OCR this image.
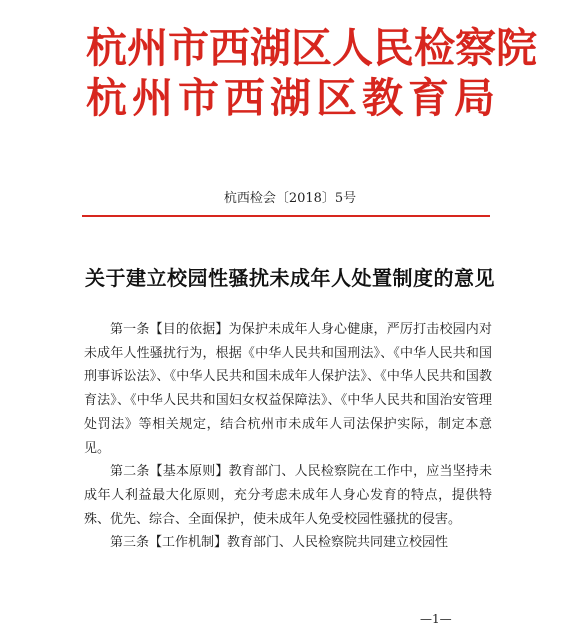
杭州市西湖区人民检察院
杭州市西湖区教育局
杭西检会〔2018〕5号
关于建立校园性骚扰未成年人处置制度的意见

第一条【目的依据】为保护未成年人身心健康，严厉打击校园内对未成年人性骚扰行为，根据《中华人民共和国刑法》、《中华人民共和国刑事诉讼法》、《中华人民共和国未成年人保护法》、《中华人民共和国教育法》、《中华人民共和国妇女权益保障法》、《中华人民共和国治安管理处罚法》等相关规定，结合杭州市未成年人司法保护实际，制定本意见。

第二条【基本原则】教育部门、人民检察院在工作中，应当坚持未成年人利益最大化原则，充分考虑未成年人身心发育的特点，提供特殊、优先、综合、全面保护，使未成年人免受校园性骚扰的侵害。

第三条【工作机制】教育部门、人民检察院共同建立校园性

—1—
